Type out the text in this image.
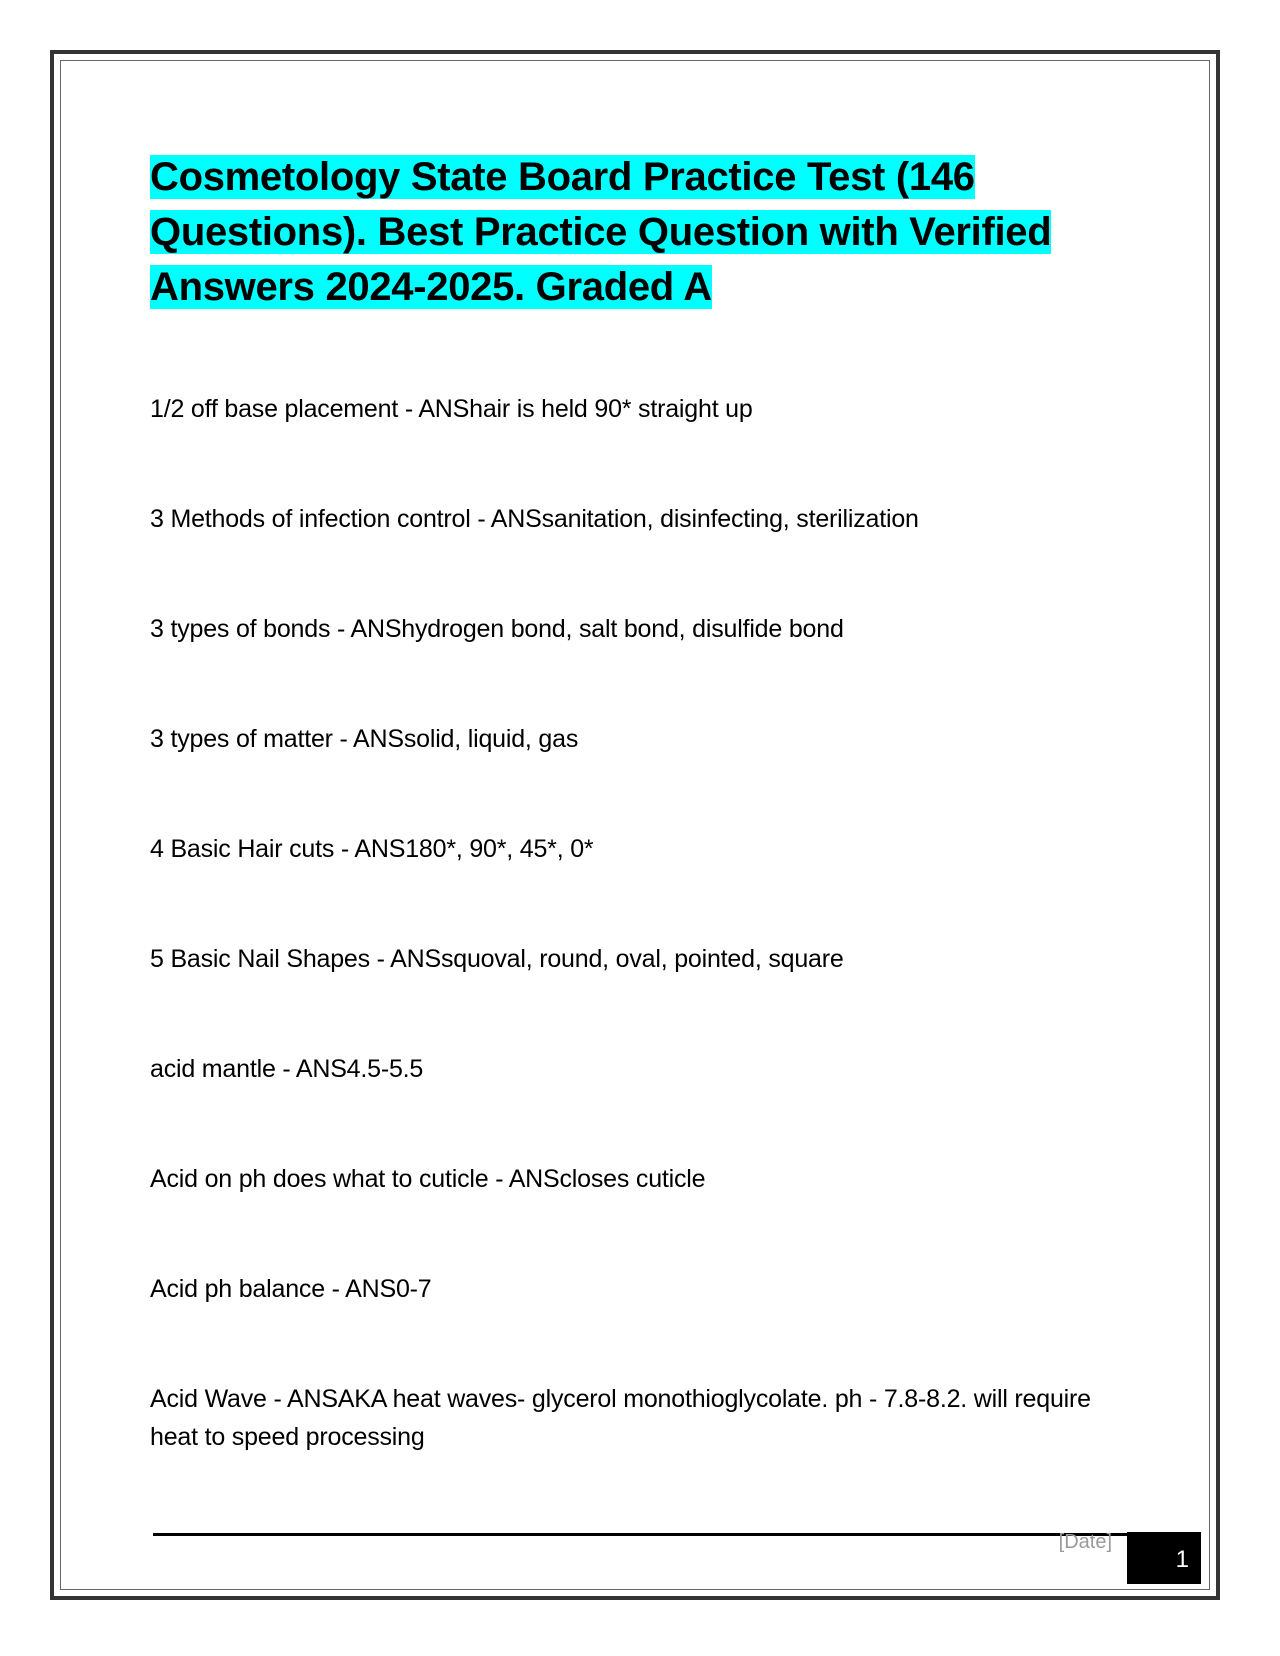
Cosmetology State Board Practice Test (146 Questions). Best Practice Question with Verified Answers 2024-2025. Graded A
1/2 off base placement - ANShair is held 90* straight up
3 Methods of infection control - ANSsanitation, disinfecting, sterilization
3 types of bonds - ANShydrogen bond, salt bond, disulfide bond
3 types of matter - ANSsolid, liquid, gas
4 Basic Hair cuts - ANS180*, 90*, 45*, 0*
5 Basic Nail Shapes - ANSsquoval, round, oval, pointed, square
acid mantle - ANS4.5-5.5
Acid on ph does what to cuticle - ANScloses cuticle
Acid ph balance - ANS0-7
Acid Wave - ANSAKA heat waves- glycerol monothioglycolate. ph - 7.8-8.2. will require heat to speed processing
[Date]
1
